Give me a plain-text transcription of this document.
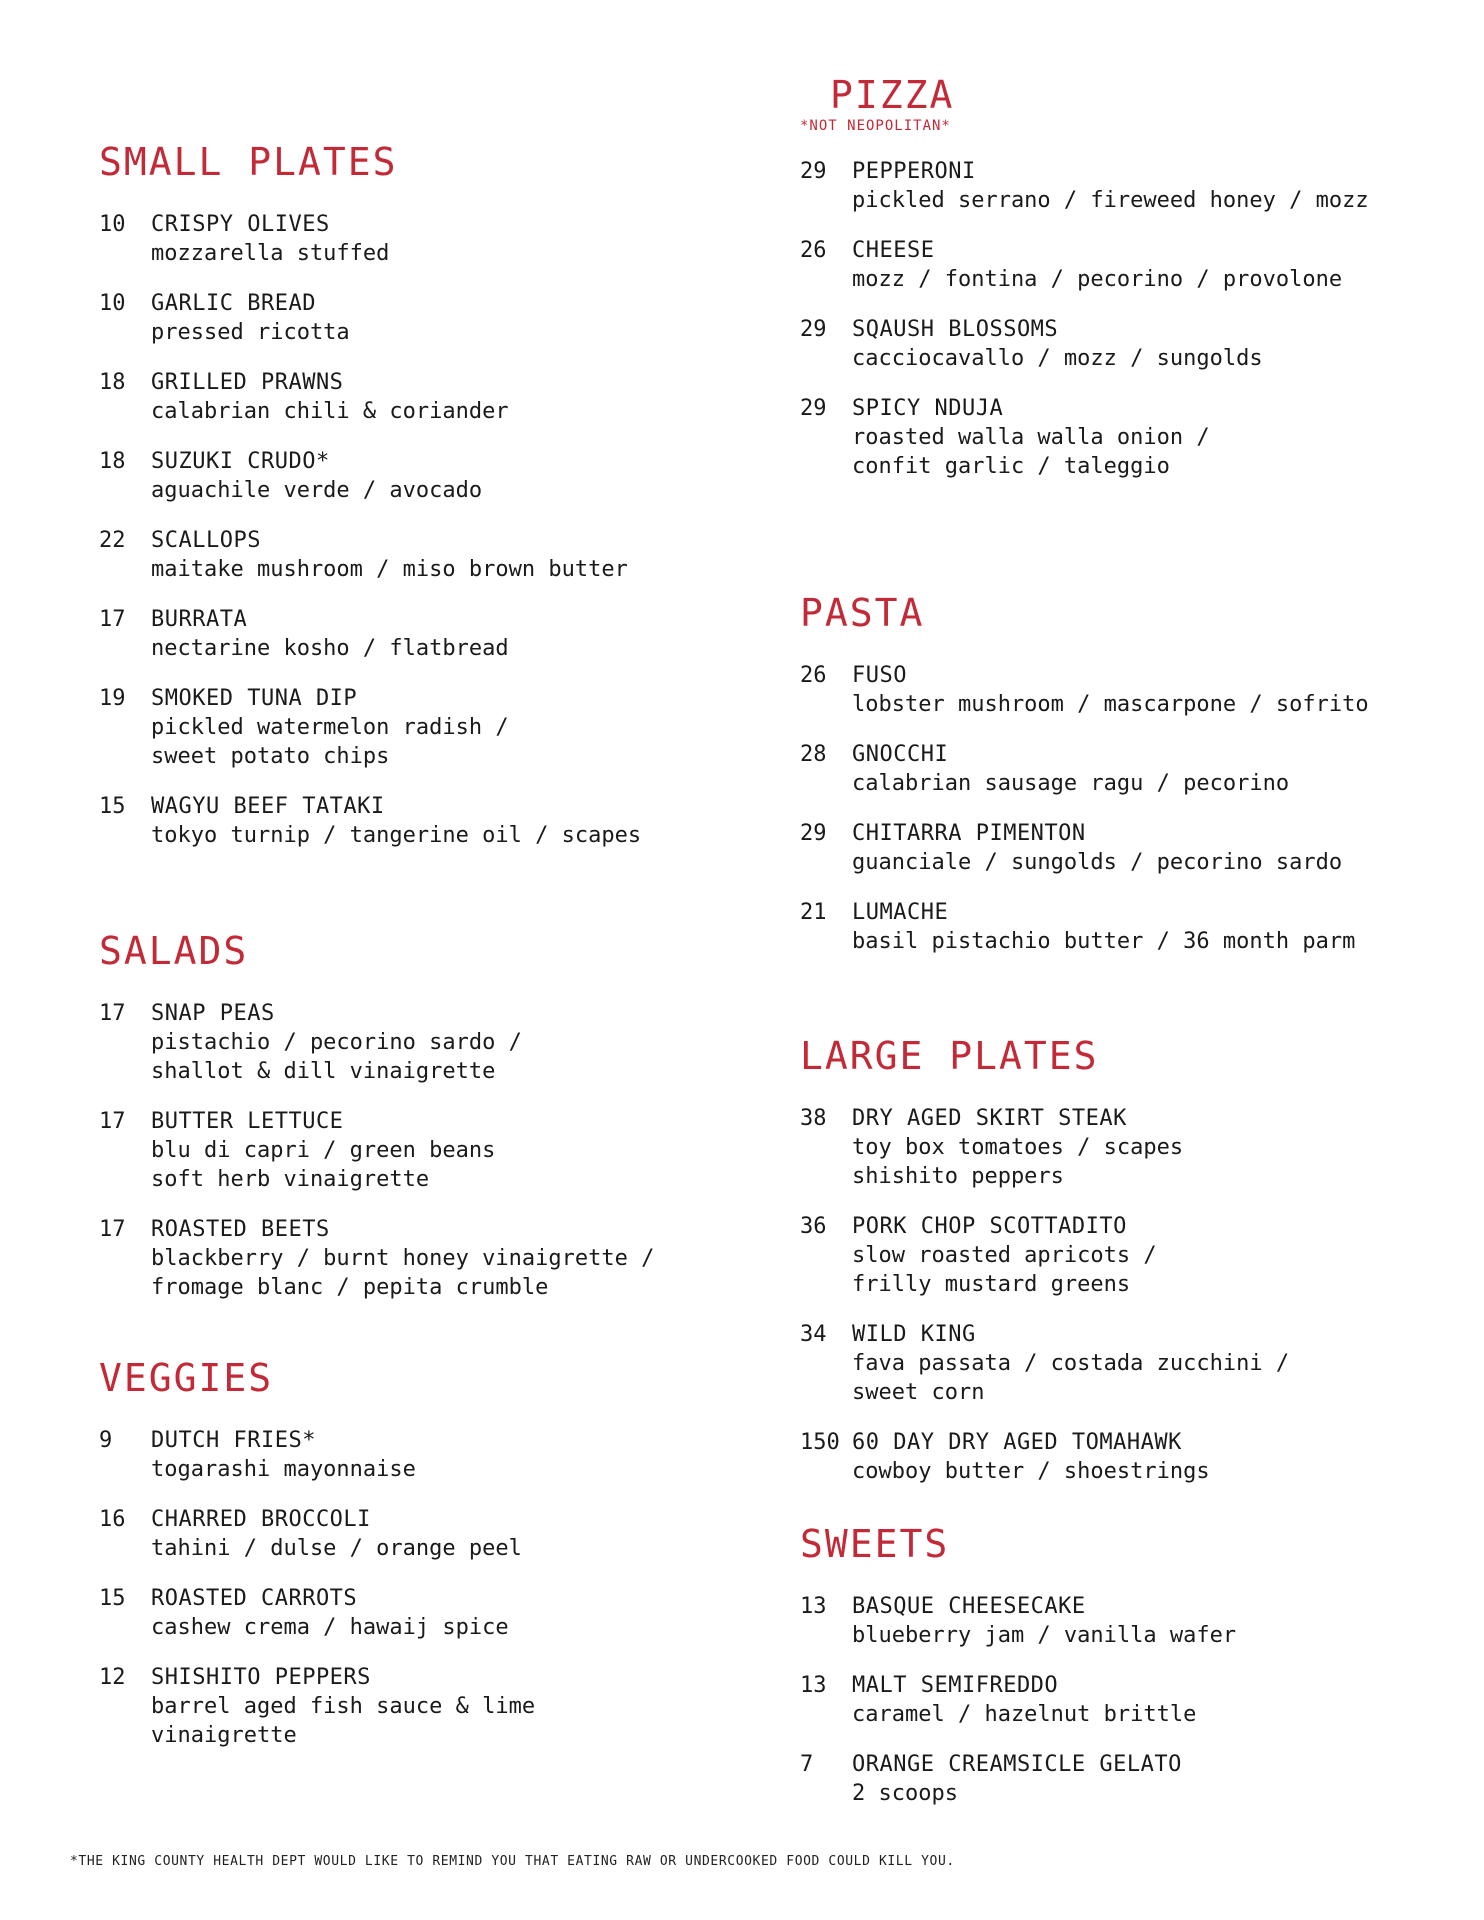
SMALL PLATES
10 CRISPY OLIVES
mozzarella stuffed
10 GARLIC BREAD
pressed ricotta
18 GRILLED PRAWNS
calabrian chili & coriander
18 SUZUKI CRUDO*
aguachile verde / avocado
22 SCALLOPS
maitake mushroom / miso brown butter
17 BURRATA
nectarine kosho / flatbread
19 SMOKED TUNA DIP
pickled watermelon radish /
sweet potato chips
15 WAGYU BEEF TATAKI
tokyo turnip / tangerine oil / scapes
SALADS
17 SNAP PEAS
pistachio / pecorino sardo /
shallot & dill vinaigrette
17 BUTTER LETTUCE
blu di capri / green beans
soft herb vinaigrette
17 ROASTED BEETS
blackberry / burnt honey vinaigrette /
fromage blanc / pepita crumble
VEGGIES
9 DUTCH FRIES*
togarashi mayonnaise
16 CHARRED BROCCOLI
tahini / dulse / orange peel
15 ROASTED CARROTS
cashew crema / hawaij spice
12 SHISHITO PEPPERS
barrel aged fish sauce & lime
vinaigrette
PIZZA

*NOT NEOPOLITAN*

29 PEPPERONI
pickled serrano / fireweed honey / mozz
26 CHEESE
mozz / fontina / pecorino / provolone
29 SQAUSH BLOSSOMS
cacciocavallo / mozz / sungolds
29 SPICY NDUJA
roasted walla walla onion /
confit garlic / taleggio
PASTA
26 FUSO
lobster mushroom / mascarpone / sofrito
28 GNOCCHI
calabrian sausage ragu / pecorino
29 CHITARRA PIMENTON
guanciale / sungolds / pecorino sardo
21 LUMACHE
basil pistachio butter / 36 month parm
LARGE PLATES
38 DRY AGED SKIRT STEAK
toy box tomatoes / scapes
shishito peppers
36 PORK CHOP SCOTTADITO
slow roasted apricots /
frilly mustard greens
34 WILD KING
fava passata / costada zucchini /
sweet corn
150 60 DAY DRY AGED TOMAHAWK
cowboy butter / shoestrings
SWEETS
13 BASQUE CHEESECAKE
blueberry jam / vanilla wafer
13 MALT SEMIFREDDO
caramel / hazelnut brittle
7 ORANGE CREAMSICLE GELATO
2 scoops
*THE KING COUNTY HEALTH DEPT WOULD LIKE TO REMIND YOU THAT EATING RAW OR UNDERCOOKED FOOD COULD KILL YOU.
